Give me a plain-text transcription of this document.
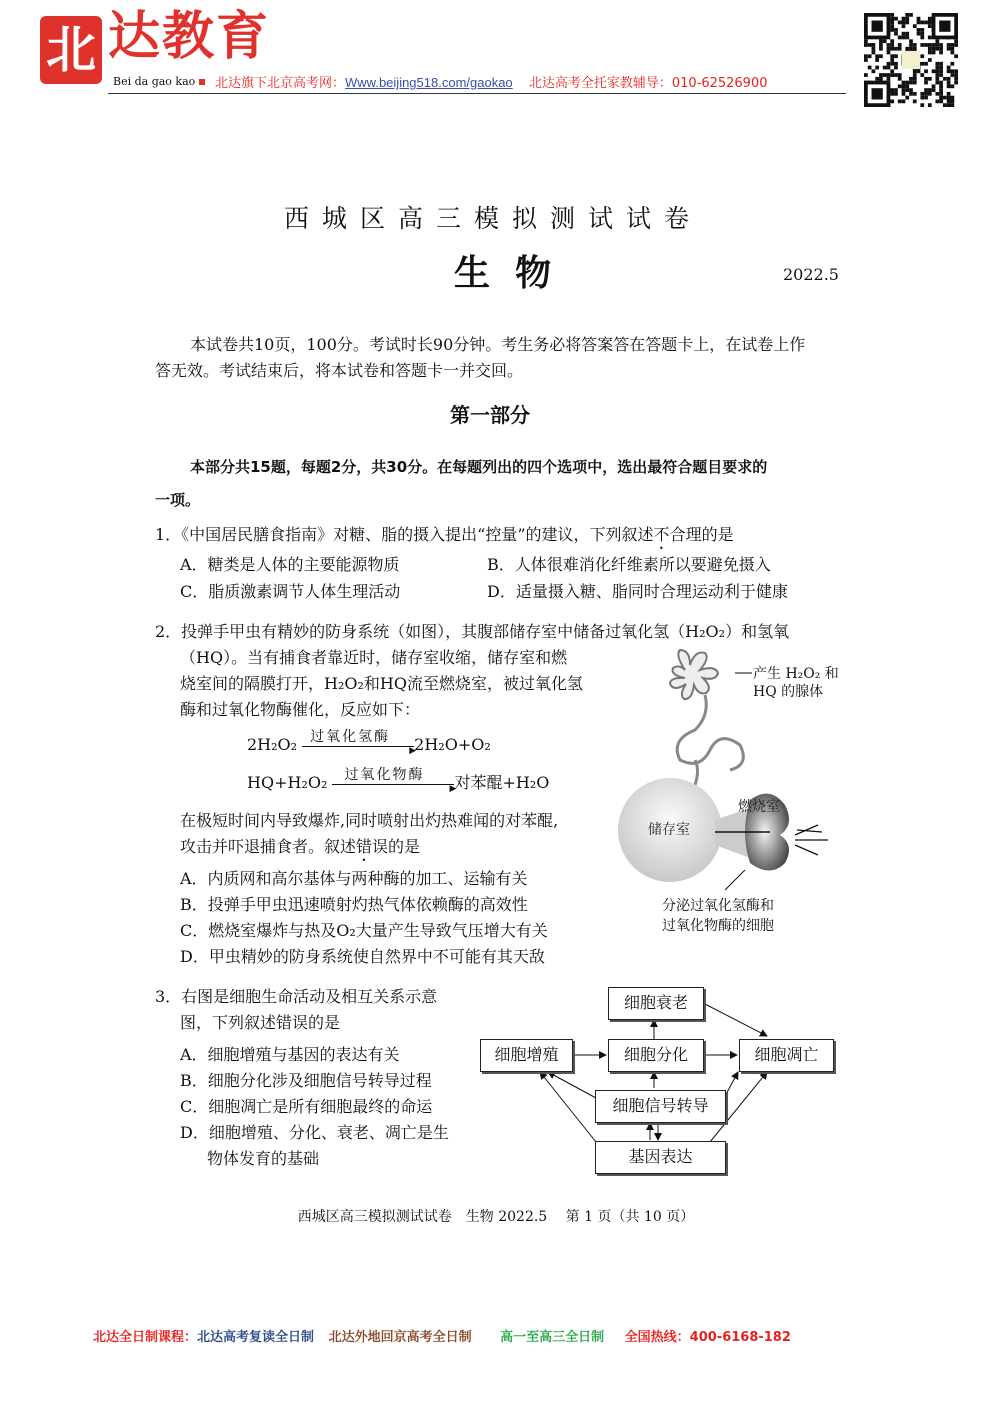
北 达教育
Bei da gao kao	北达旗下北京高考网：Www.beijing518.com/gaokao 北达高考全托家教辅导：010-62526900
西城区高三模拟测试试卷
生  物	2022.5
本试卷共10页，100分。考试时长90分钟。考生务必将答案答在答题卡上，在试卷上作
答无效。考试结束后，将本试卷和答题卡一并交回。
第一部分
本部分共15题，每题2分，共30分。在每题列出的四个选项中，选出最符合题目要求的
一项。
1．《中国居民膳食指南》对糖、脂的摄入提出“控量”的建议，下列叙述不合理的是
A．糖类是人体的主要能源物质	B．人体很难消化纤维素所以要避免摄入
C．脂质激素调节人体生理活动	D．适量摄入糖、脂同时合理运动利于健康
2．投弹手甲虫有精妙的防身系统（如图），其腹部储存室中储备过氧化氢（H₂O₂）和氢氧
（HQ）。当有捕食者靠近时，储存室收缩，储存室和燃
烧室间的隔膜打开，H₂O₂和HQ流至燃烧室，被过氧化氢
酶和过氧化物酶催化，反应如下：
2H₂O₂ 过氧化氢酶
▶
2H₂O+O₂
HQ+H₂O₂ 过氧化物酶
▶
对苯醌+H₂O
在极短时间内导致爆炸,同时喷射出灼热难闻的对苯醌,
攻击并吓退捕食者。叙述错误的是
A．内质网和高尔基体与两种酶的加工、运输有关
B．投弹手甲虫迅速喷射灼热气体依赖酶的高效性
C．燃烧室爆炸与热及O₂大量产生导致气压增大有关
D．甲虫精妙的防身系统使自然界中不可能有其天敌
产生 H₂O₂ 和
HQ 的腺体
储存室
燃烧室
分泌过氧化氢酶和
过氧化物酶的细胞
3．右图是细胞生命活动及相互关系示意
图，下列叙述错误的是
A．细胞增殖与基因的表达有关
B．细胞分化涉及细胞信号转导过程
C．细胞凋亡是所有细胞最终的命运
D．细胞增殖、分化、衰老、凋亡是生
物体发育的基础
细胞衰老
细胞增殖	细胞分化	细胞凋亡
细胞信号转导
基因表达
西城区高三模拟测试试卷　生物 2022.5　 第 1 页（共 10 页）
北达全日制课程：北达高考复读全日制 北达外地回京高考全日制 高一至高三全日制 全国热线：400-6168-182
